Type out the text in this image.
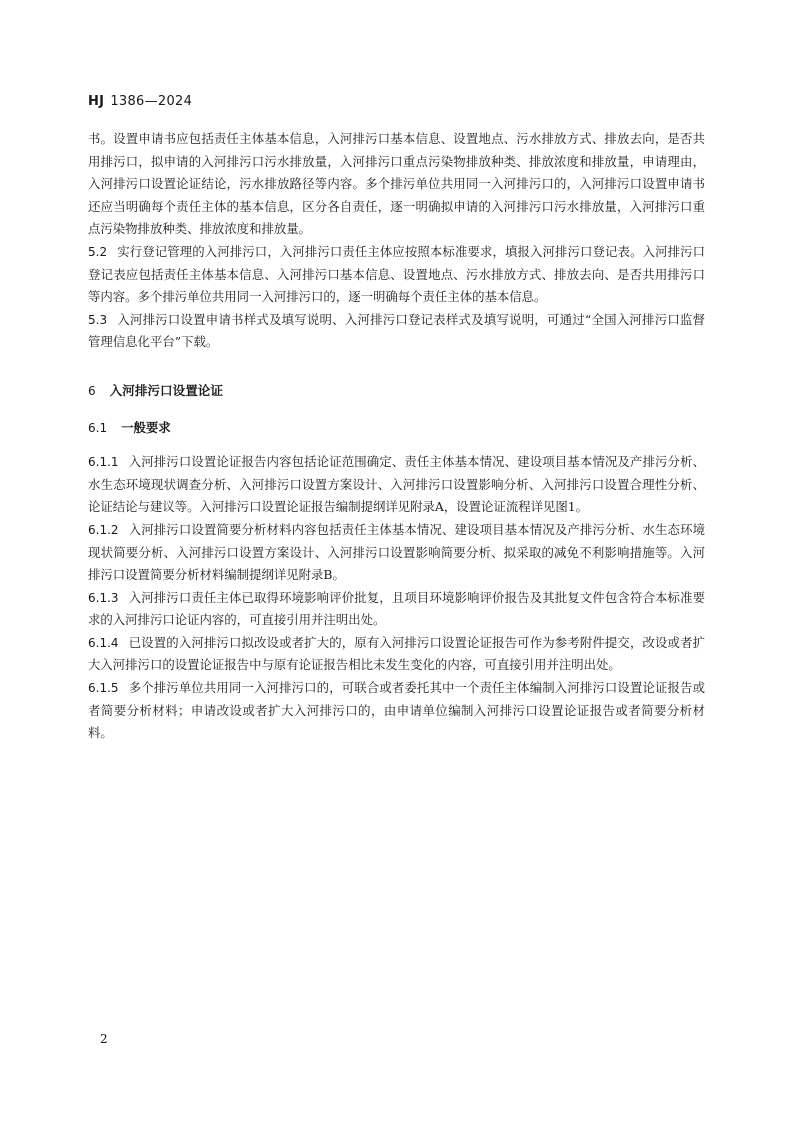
HJ 1386—2024

书。设置申请书应包括责任主体基本信息，入河排污口基本信息、设置地点、污水排放方式、排放去向，是否共用排污口，拟申请的入河排污口污水排放量，入河排污口重点污染物排放种类、排放浓度和排放量，申请理由，入河排污口设置论证结论，污水排放路径等内容。多个排污单位共用同一入河排污口的，入河排污口设置申请书还应当明确每个责任主体的基本信息，区分各自责任，逐一明确拟申请的入河排污口污水排放量，入河排污口重点污染物排放种类、排放浓度和排放量。

5.2 实行登记管理的入河排污口，入河排污口责任主体应按照本标准要求，填报入河排污口登记表。入河排污口登记表应包括责任主体基本信息、入河排污口基本信息、设置地点、污水排放方式、排放去向、是否共用排污口等内容。多个排污单位共用同一入河排污口的，逐一明确每个责任主体的基本信息。

5.3 入河排污口设置申请书样式及填写说明、入河排污口登记表样式及填写说明，可通过“全国入河排污口监督管理信息化平台”下载。

6 入河排污口设置论证
6.1 一般要求

6.1.1 入河排污口设置论证报告内容包括论证范围确定、责任主体基本情况、建设项目基本情况及产排污分析、水生态环境现状调查分析、入河排污口设置方案设计、入河排污口设置影响分析、入河排污口设置合理性分析、论证结论与建议等。入河排污口设置论证报告编制提纲详见附录A，设置论证流程详见图1。

6.1.2 入河排污口设置简要分析材料内容包括责任主体基本情况、建设项目基本情况及产排污分析、水生态环境现状简要分析、入河排污口设置方案设计、入河排污口设置影响简要分析、拟采取的减免不利影响措施等。入河排污口设置简要分析材料编制提纲详见附录B。

6.1.3 入河排污口责任主体已取得环境影响评价批复，且项目环境影响评价报告及其批复文件包含符合本标准要求的入河排污口论证内容的，可直接引用并注明出处。

6.1.4 已设置的入河排污口拟改设或者扩大的，原有入河排污口设置论证报告可作为参考附件提交，改设或者扩大入河排污口的设置论证报告中与原有论证报告相比未发生变化的内容，可直接引用并注明出处。

6.1.5 多个排污单位共用同一入河排污口的，可联合或者委托其中一个责任主体编制入河排污口设置论证报告或者简要分析材料；申请改设或者扩大入河排污口的，由申请单位编制入河排污口设置论证报告或者简要分析材料。

2
